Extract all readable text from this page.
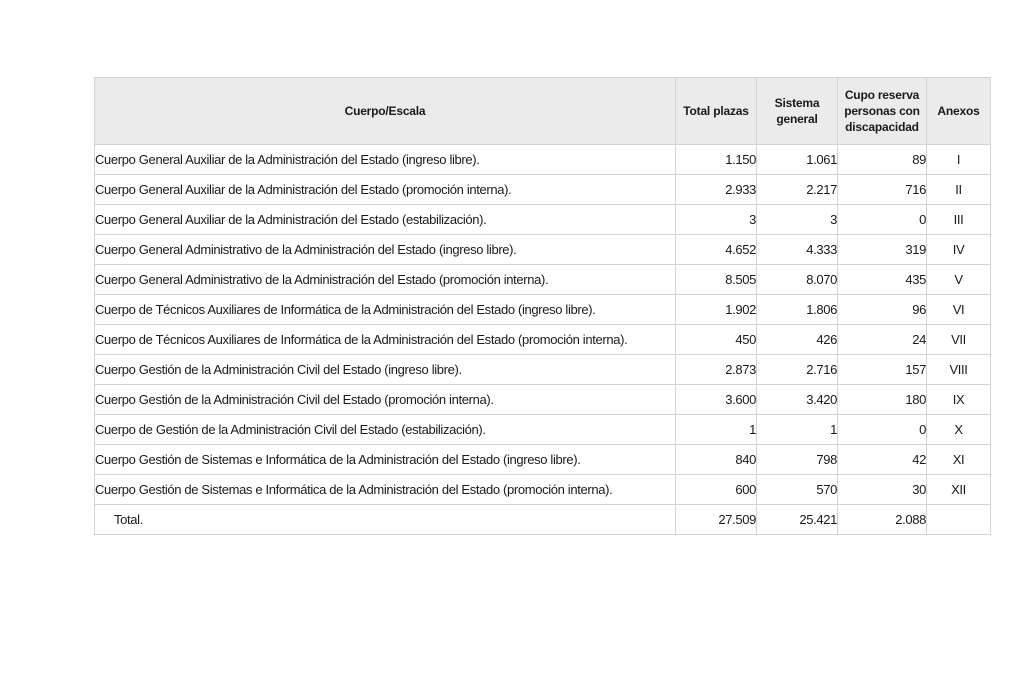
Cuerpo/Escala	Total plazas	Sistema general	Cupo reserva personas con discapacidad	Anexos
Cuerpo General Auxiliar de la Administración del Estado (ingreso libre).	1.150	1.061	89	I
Cuerpo General Auxiliar de la Administración del Estado (promoción interna).	2.933	2.217	716	II
Cuerpo General Auxiliar de la Administración del Estado (estabilización).	3	3	0	III
Cuerpo General Administrativo de la Administración del Estado (ingreso libre).	4.652	4.333	319	IV
Cuerpo General Administrativo de la Administración del Estado (promoción interna).	8.505	8.070	435	V
Cuerpo de Técnicos Auxiliares de Informática de la Administración del Estado (ingreso libre).	1.902	1.806	96	VI
Cuerpo de Técnicos Auxiliares de Informática de la Administración del Estado (promoción interna).	450	426	24	VII
Cuerpo Gestión de la Administración Civil del Estado (ingreso libre).	2.873	2.716	157	VIII
Cuerpo Gestión de la Administración Civil del Estado (promoción interna).	3.600	3.420	180	IX
Cuerpo de Gestión de la Administración Civil del Estado (estabilización).	1	1	0	X
Cuerpo Gestión de Sistemas e Informática de la Administración del Estado (ingreso libre).	840	798	42	XI
Cuerpo Gestión de Sistemas e Informática de la Administración del Estado (promoción interna).	600	570	30	XII
Total.	27.509	25.421	2.088	
